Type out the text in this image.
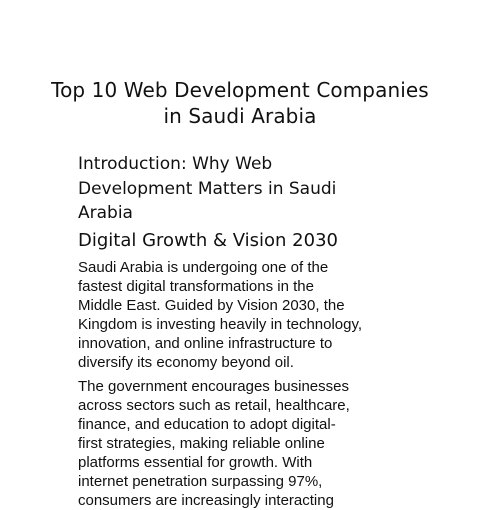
Top 10 Web Development Companies
in Saudi Arabia
Introduction: Why Web
Development Matters in Saudi
Arabia
Digital Growth & Vision 2030

Saudi Arabia is undergoing one of the
fastest digital transformations in the
Middle East. Guided by Vision 2030, the
Kingdom is investing heavily in technology,
innovation, and online infrastructure to
diversify its economy beyond oil.

The government encourages businesses
across sectors such as retail, healthcare,
finance, and education to adopt digital-
first strategies, making reliable online
platforms essential for growth. With
internet penetration surpassing 97%,
consumers are increasingly interacting
